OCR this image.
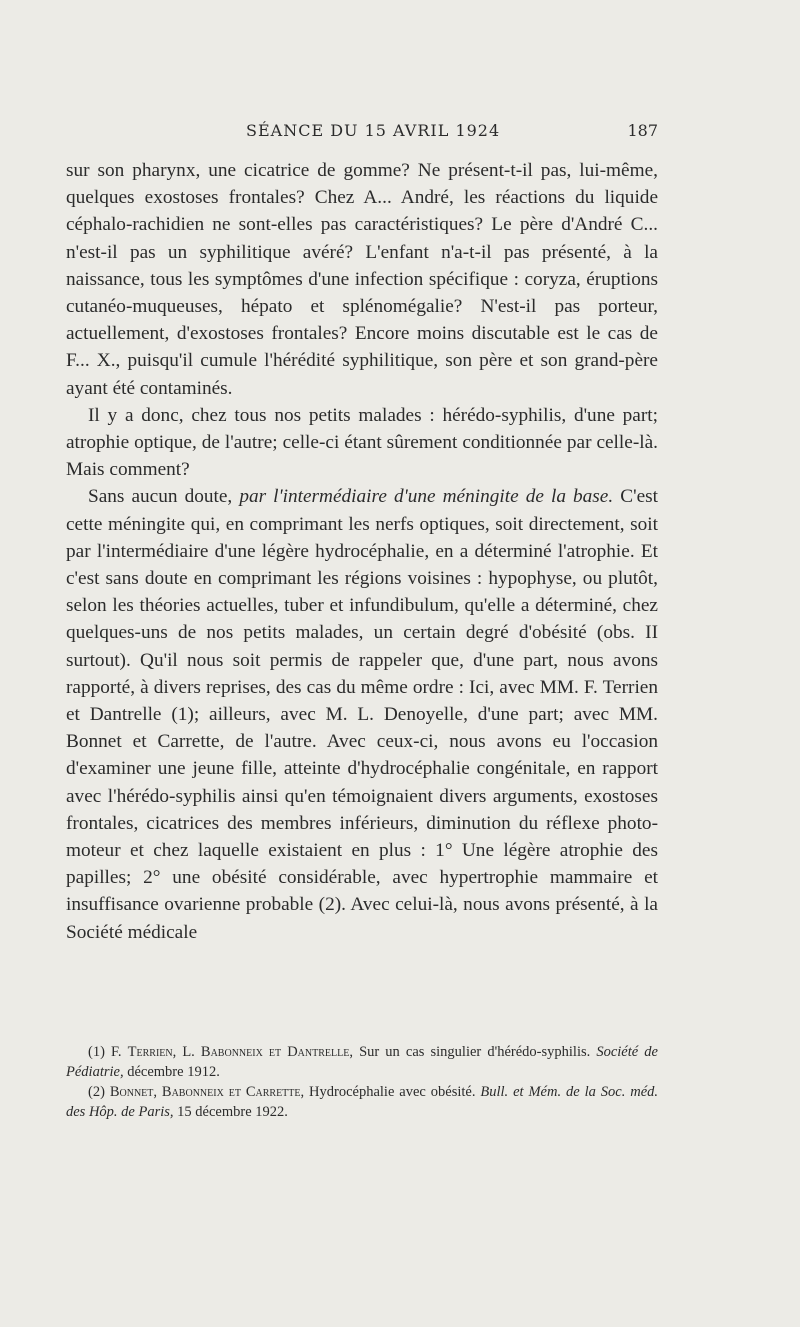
SÉANCE DU 15 AVRIL 1924	187

sur son pharynx, une cicatrice de gomme? Ne présent-t-il pas, lui-même, quelques exostoses frontales? Chez A... André, les réactions du liquide céphalo-rachidien ne sont-elles pas caractéristiques? Le père d'André C... n'est-il pas un syphilitique avéré? L'enfant n'a-t-il pas présenté, à la naissance, tous les symptômes d'une infection spécifique : coryza, éruptions cutanéo-muqueuses, hépato et splénomégalie? N'est-il pas porteur, actuellement, d'exostoses frontales? Encore moins discutable est le cas de F... X., puisqu'il cumule l'hérédité syphilitique, son père et son grand-père ayant été contaminés.

Il y a donc, chez tous nos petits malades : hérédo-syphilis, d'une part; atrophie optique, de l'autre; celle-ci étant sûrement conditionnée par celle-là. Mais comment?

Sans aucun doute, par l'intermédiaire d'une méningite de la base. C'est cette méningite qui, en comprimant les nerfs optiques, soit directement, soit par l'intermédiaire d'une légère hydrocéphalie, en a déterminé l'atrophie. Et c'est sans doute en comprimant les régions voisines : hypophyse, ou plutôt, selon les théories actuelles, tuber et infundibulum, qu'elle a déterminé, chez quelques-uns de nos petits malades, un certain degré d'obésité (obs. II surtout). Qu'il nous soit permis de rappeler que, d'une part, nous avons rapporté, à divers reprises, des cas du même ordre : Ici, avec MM. F. Terrien et Dantrelle (1); ailleurs, avec M. L. Denoyelle, d'une part; avec MM. Bonnet et Carrette, de l'autre. Avec ceux-ci, nous avons eu l'occasion d'examiner une jeune fille, atteinte d'hydrocéphalie congénitale, en rapport avec l'hérédo-syphilis ainsi qu'en témoignaient divers arguments, exostoses frontales, cicatrices des membres inférieurs, diminution du réflexe photo-moteur et chez laquelle existaient en plus : 1° Une légère atrophie des papilles; 2° une obésité considérable, avec hypertrophie mammaire et insuffisance ovarienne probable (2). Avec celui-là, nous avons présenté, à la Société médicale

(1) F. Terrien, L. Babonneix et Dantrelle, Sur un cas singulier d'hérédo-syphilis. Société de Pédiatrie, décembre 1912.

(2) Bonnet, Babonneix et Carrette, Hydrocéphalie avec obésité. Bull. et Mém. de la Soc. méd. des Hôp. de Paris, 15 décembre 1922.
